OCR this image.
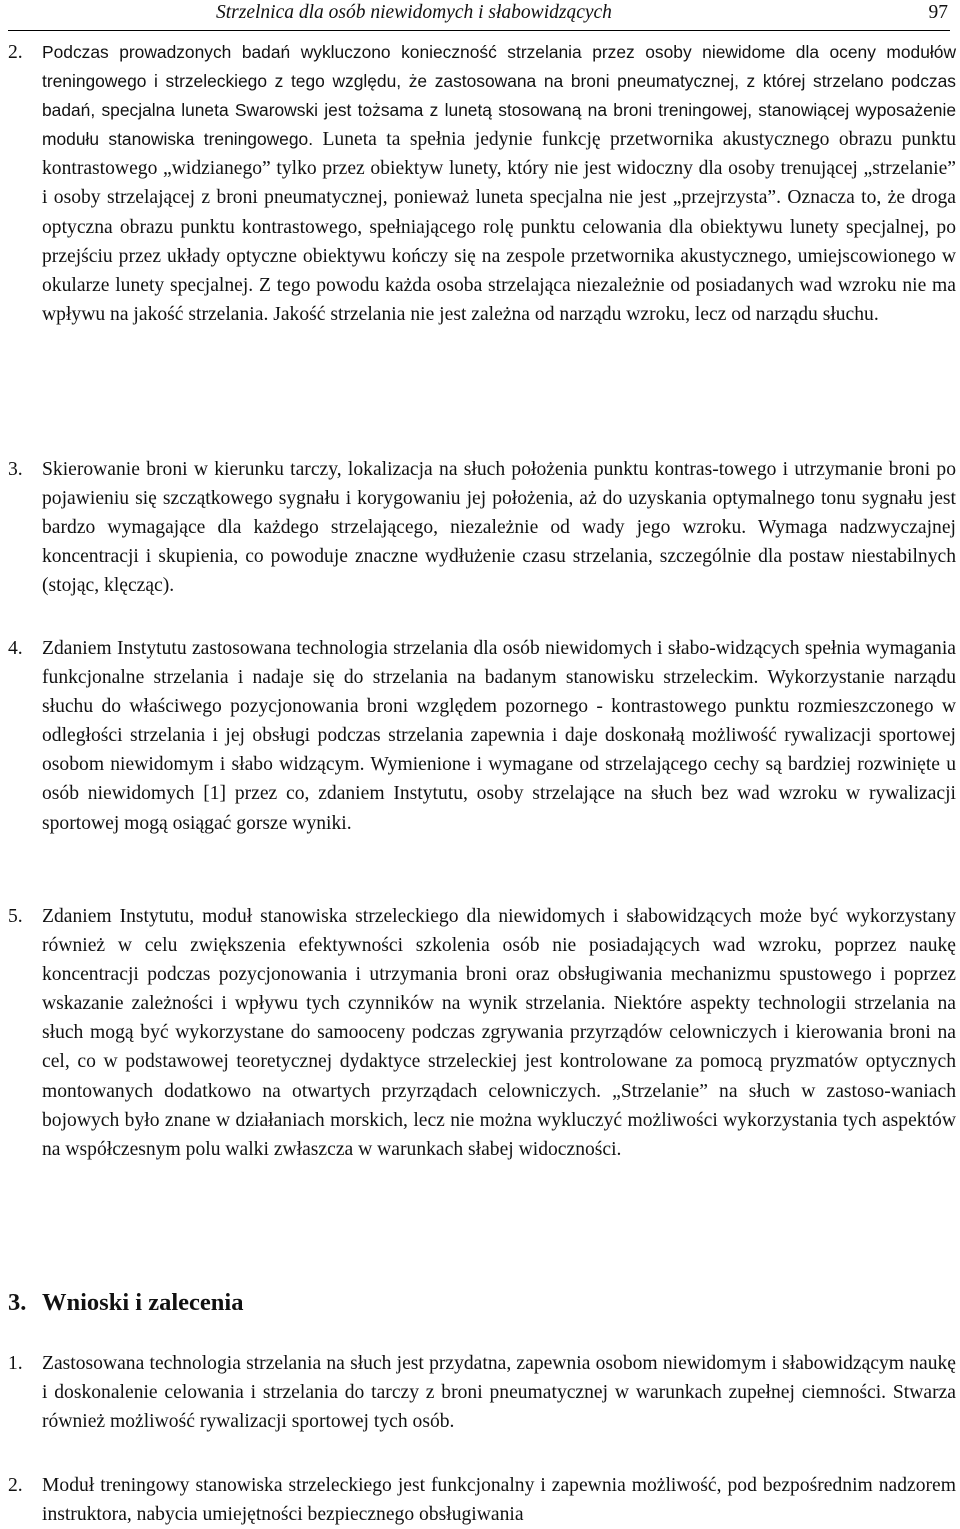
Strzelnica dla osób niewidomych i słabowidzących	97
2. Podczas prowadzonych badań wykluczono konieczność strzelania przez osoby niewidome dla oceny modułów treningowego i strzeleckiego z tego względu, że zastosowana na broni pneumatycznej, z której strzelano podczas badań, specjalna luneta Swarowski jest tożsama z lunetą stosowaną na broni treningowej, stanowiącej wyposażenie modułu stanowiska treningowego. Luneta ta spełnia jedynie funkcję przetwornika akustycznego obrazu punktu kontrastowego „widzianego” tylko przez obiektyw lunety, który nie jest widoczny dla osoby trenującej „strzelanie” i osoby strzelającej z broni pneumatycznej, ponieważ luneta specjalna nie jest „przejrzysta”. Oznacza to, że droga optyczna obrazu punktu kontrastowego, spełniającego rolę punktu celowania dla obiektywu lunety specjalnej, po przejściu przez układy optyczne obiektywu kończy się na zespole przetwornika akustycznego, umiejscowionego w okularze lunety specjalnej. Z tego powodu każda osoba strzelająca niezależnie od posiadanych wad wzroku nie ma wpływu na jakość strzelania. Jakość strzelania nie jest zależna od narządu wzroku, lecz od narządu słuchu.
3. Skierowanie broni w kierunku tarczy, lokalizacja na słuch położenia punktu kontras-towego i utrzymanie broni po pojawieniu się szczątkowego sygnału i korygowaniu jej położenia, aż do uzyskania optymalnego tonu sygnału jest bardzo wymagające dla każdego strzelającego, niezależnie od wady jego wzroku. Wymaga nadzwyczajnej koncentracji i skupienia, co powoduje znaczne wydłużenie czasu strzelania, szczególnie dla postaw niestabilnych (stojąc, klęcząc).
4. Zdaniem Instytutu zastosowana technologia strzelania dla osób niewidomych i słabo-widzących spełnia wymagania funkcjonalne strzelania i nadaje się do strzelania na badanym stanowisku strzeleckim. Wykorzystanie narządu słuchu do właściwego pozycjonowania broni względem pozornego - kontrastowego punktu rozmieszczonego w odległości strzelania i jej obsługi podczas strzelania zapewnia i daje doskonałą możliwość rywalizacji sportowej osobom niewidomym i słabo widzącym. Wymienione i wymagane od strzelającego cechy są bardziej rozwinięte u osób niewidomych [1] przez co, zdaniem Instytutu, osoby strzelające na słuch bez wad wzroku w rywalizacji sportowej mogą osiągać gorsze wyniki.
5. Zdaniem Instytutu, moduł stanowiska strzeleckiego dla niewidomych i słabowidzących może być wykorzystany również w celu zwiększenia efektywności szkolenia osób nie posiadających wad wzroku, poprzez naukę koncentracji podczas pozycjonowania i utrzymania broni oraz obsługiwania mechanizmu spustowego i poprzez wskazanie zależności i wpływu tych czynników na wynik strzelania. Niektóre aspekty technologii strzelania na słuch mogą być wykorzystane do samooceny podczas zgrywania przyrządów celowniczych i kierowania broni na cel, co w podstawowej teoretycznej dydaktyce strzeleckiej jest kontrolowane za pomocą pryzmatów optycznych montowanych dodatkowo na otwartych przyrządach celowniczych. „Strzelanie” na słuch w zastoso-waniach bojowych było znane w działaniach morskich, lecz nie można wykluczyć możliwości wykorzystania tych aspektów na współczesnym polu walki zwłaszcza w warunkach słabej widoczności.
3. Wnioski i zalecenia
1. Zastosowana technologia strzelania na słuch jest przydatna, zapewnia osobom niewidomym i słabowidzącym naukę i doskonalenie celowania i strzelania do tarczy z broni pneumatycznej w warunkach zupełnej ciemności. Stwarza również możliwość rywalizacji sportowej tych osób.
2. Moduł treningowy stanowiska strzeleckiego jest funkcjonalny i zapewnia możliwość, pod bezpośrednim nadzorem instruktora, nabycia umiejętności bezpiecznego obsługiwania
